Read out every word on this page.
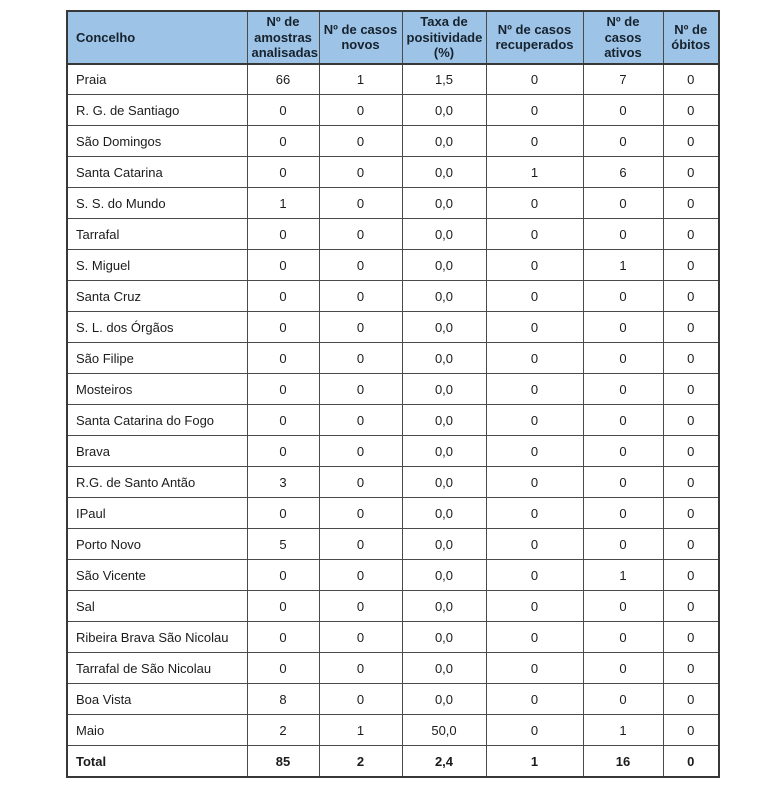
Concelho	Nº de amostras analisadas	Nº de casos novos	Taxa de positividade (%)	Nº de casos recuperados	Nº de casos ativos	Nº de óbitos
Praia	66	1	1,5	0	7	0
R. G. de Santiago	0	0	0,0	0	0	0
São Domingos	0	0	0,0	0	0	0
Santa Catarina	0	0	0,0	1	6	0
S. S. do Mundo	1	0	0,0	0	0	0
Tarrafal	0	0	0,0	0	0	0
S. Miguel	0	0	0,0	0	1	0
Santa Cruz	0	0	0,0	0	0	0
S. L. dos Órgãos	0	0	0,0	0	0	0
São Filipe	0	0	0,0	0	0	0
Mosteiros	0	0	0,0	0	0	0
Santa Catarina do Fogo	0	0	0,0	0	0	0
Brava	0	0	0,0	0	0	0
R.G. de Santo Antão	3	0	0,0	0	0	0
IPaul	0	0	0,0	0	0	0
Porto Novo	5	0	0,0	0	0	0
São Vicente	0	0	0,0	0	1	0
Sal	0	0	0,0	0	0	0
Ribeira Brava São Nicolau	0	0	0,0	0	0	0
Tarrafal de São Nicolau	0	0	0,0	0	0	0
Boa Vista	8	0	0,0	0	0	0
Maio	2	1	50,0	0	1	0
Total	85	2	2,4	1	16	0
